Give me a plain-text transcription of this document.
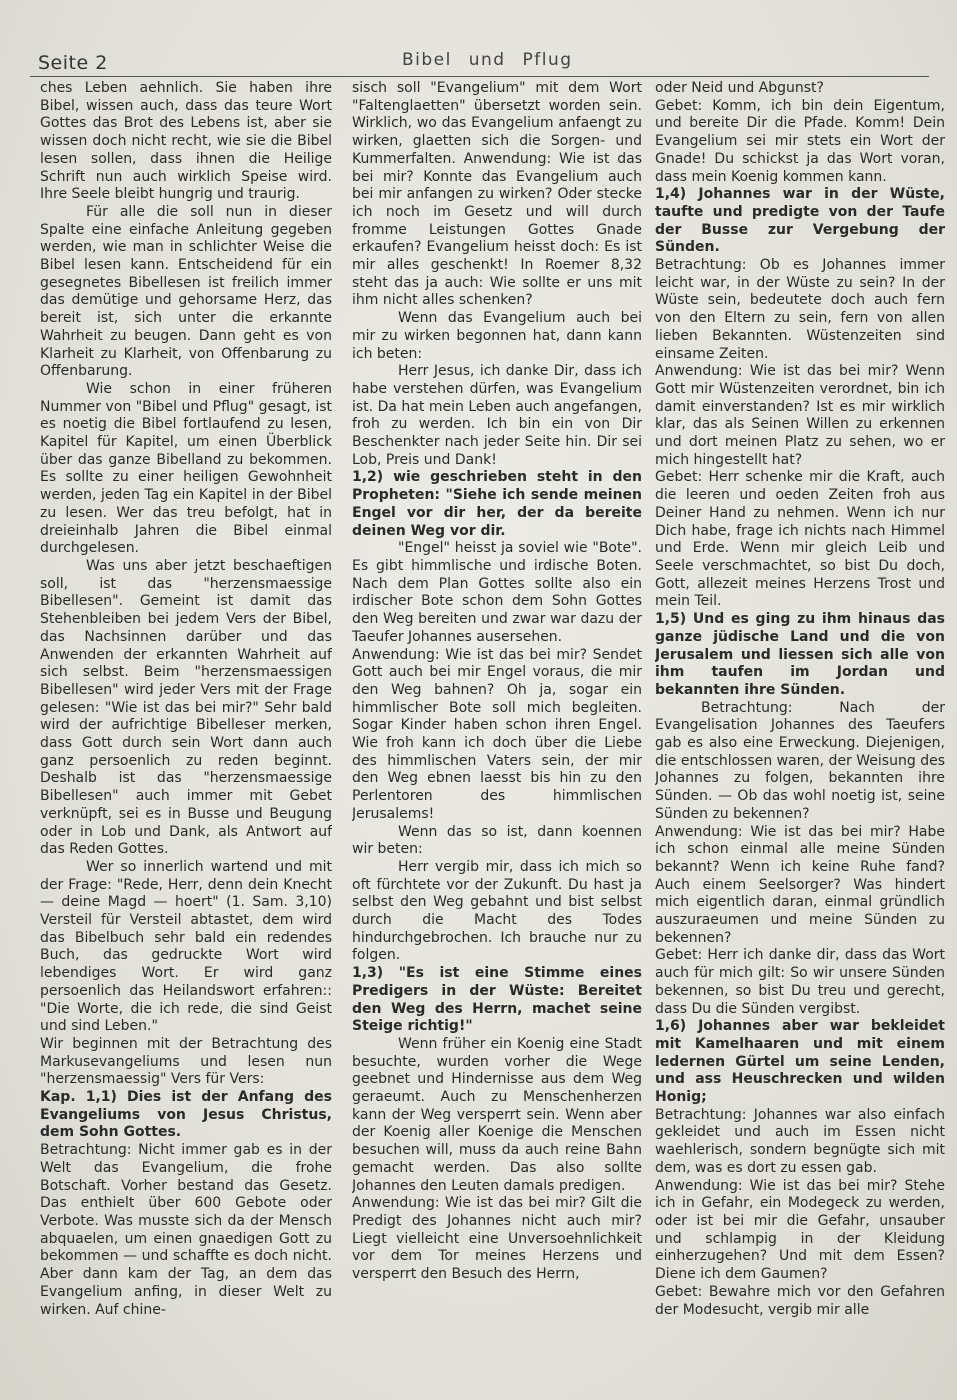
Seite 2	Bibel und Pflug

ches Leben aehnlich. Sie haben ihre Bibel, wissen auch, dass das teure Wort Gottes das Brot des Lebens ist, aber sie wissen doch nicht recht, wie sie die Bibel lesen sollen, dass ihnen die Heilige Schrift nun auch wirklich Speise wird. Ihre Seele bleibt hungrig und traurig.

Für alle die soll nun in dieser Spalte eine einfache Anleitung gegeben werden, wie man in schlichter Weise die Bibel lesen kann. Entscheidend für ein gesegnetes Bibellesen ist freilich immer das demütige und gehorsame Herz, das bereit ist, sich unter die erkannte Wahrheit zu beugen. Dann geht es von Klarheit zu Klarheit, von Offenbarung zu Offenbarung.

Wie schon in einer früheren Nummer von "Bibel und Pflug" gesagt, ist es noetig die Bibel fortlaufend zu lesen, Kapitel für Kapitel, um einen Überblick über das ganze Bibelland zu bekommen. Es sollte zu einer heiligen Gewohnheit werden, jeden Tag ein Kapitel in der Bibel zu lesen. Wer das treu befolgt, hat in dreieinhalb Jahren die Bibel einmal durchgelesen.

Was uns aber jetzt beschaeftigen soll, ist das "herzensmaessige Bibellesen". Gemeint ist damit das Stehenbleiben bei jedem Vers der Bibel, das Nachsinnen darüber und das Anwenden der erkannten Wahrheit auf sich selbst. Beim "herzensmaessigen Bibellesen" wird jeder Vers mit der Frage gelesen: "Wie ist das bei mir?" Sehr bald wird der aufrichtige Bibelleser merken, dass Gott durch sein Wort dann auch ganz persoenlich zu reden beginnt. Deshalb ist das "herzensmaessige Bibellesen" auch immer mit Gebet verknüpft, sei es in Busse und Beugung oder in Lob und Dank, als Antwort auf das Reden Gottes.

Wer so innerlich wartend und mit der Frage: "Rede, Herr, denn dein Knecht — deine Magd — hoert" (1. Sam. 3,10) Versteil für Versteil abtastet, dem wird das Bibelbuch sehr bald ein redendes Buch, das gedruckte Wort wird lebendiges Wort. Er wird ganz persoenlich das Heilandswort erfahren:: "Die Worte, die ich rede, die sind Geist und sind Leben."

Wir beginnen mit der Betrachtung des Markusevangeliums und lesen nun "herzensmaessig" Vers für Vers:

Kap. 1,1) Dies ist der Anfang des Evangeliums von Jesus Christus, dem Sohn Gottes.

Betrachtung: Nicht immer gab es in der Welt das Evangelium, die frohe Botschaft. Vorher bestand das Gesetz. Das enthielt über 600 Gebote oder Verbote. Was musste sich da der Mensch abquaelen, um einen gnaedigen Gott zu bekommen — und schaffte es doch nicht. Aber dann kam der Tag, an dem das Evangelium anfing, in dieser Welt zu wirken. Auf chine-

sisch soll "Evangelium" mit dem Wort "Faltenglaetten" übersetzt worden sein. Wirklich, wo das Evangelium anfaengt zu wirken, glaetten sich die Sorgen- und Kummerfalten. Anwendung: Wie ist das bei mir? Konnte das Evangelium auch bei mir anfangen zu wirken? Oder stecke ich noch im Gesetz und will durch fromme Leistungen Gottes Gnade erkaufen? Evangelium heisst doch: Es ist mir alles geschenkt! In Roemer 8,32 steht das ja auch: Wie sollte er uns mit ihm nicht alles schenken?

Wenn das Evangelium auch bei mir zu wirken begonnen hat, dann kann ich beten:

Herr Jesus, ich danke Dir, dass ich habe verstehen dürfen, was Evangelium ist. Da hat mein Leben auch angefangen, froh zu werden. Ich bin ein von Dir Beschenkter nach jeder Seite hin. Dir sei Lob, Preis und Dank!

1,2) wie geschrieben steht in den Propheten: "Siehe ich sende meinen Engel vor dir her, der da bereite deinen Weg vor dir.

"Engel" heisst ja soviel wie "Bote". Es gibt himmlische und irdische Boten. Nach dem Plan Gottes sollte also ein irdischer Bote schon dem Sohn Gottes den Weg bereiten und zwar war dazu der Taeufer Johannes ausersehen.

Anwendung: Wie ist das bei mir? Sendet Gott auch bei mir Engel voraus, die mir den Weg bahnen? Oh ja, sogar ein himmlischer Bote soll mich begleiten. Sogar Kinder haben schon ihren Engel. Wie froh kann ich doch über die Liebe des himmlischen Vaters sein, der mir den Weg ebnen laesst bis hin zu den Perlentoren des himmlischen Jerusalems!

Wenn das so ist, dann koennen wir beten:

Herr vergib mir, dass ich mich so oft fürchtete vor der Zukunft. Du hast ja selbst den Weg gebahnt und bist selbst durch die Macht des Todes hindurchgebrochen. Ich brauche nur zu folgen.

1,3) "Es ist eine Stimme eines Predigers in der Wüste: Bereitet den Weg des Herrn, machet seine Steige richtig!"

Wenn früher ein Koenig eine Stadt besuchte, wurden vorher die Wege geebnet und Hindernisse aus dem Weg geraeumt. Auch zu Menschenherzen kann der Weg versperrt sein. Wenn aber der Koenig aller Koenige die Menschen besuchen will, muss da auch reine Bahn gemacht werden. Das also sollte Johannes den Leuten damals predigen.

Anwendung: Wie ist das bei mir? Gilt die Predigt des Johannes nicht auch mir? Liegt vielleicht eine Unversoehnlichkeit vor dem Tor meines Herzens und versperrt den Besuch des Herrn,

oder Neid und Abgunst?

Gebet: Komm, ich bin dein Eigentum, und bereite Dir die Pfade. Komm! Dein Evangelium sei mir stets ein Wort der Gnade! Du schickst ja das Wort voran, dass mein Koenig kommen kann.

1,4) Johannes war in der Wüste, taufte und predigte von der Taufe der Busse zur Vergebung der Sünden.

Betrachtung: Ob es Johannes immer leicht war, in der Wüste zu sein? In der Wüste sein, bedeutete doch auch fern von den Eltern zu sein, fern von allen lieben Bekannten. Wüstenzeiten sind einsame Zeiten.

Anwendung: Wie ist das bei mir? Wenn Gott mir Wüstenzeiten verordnet, bin ich damit einverstanden? Ist es mir wirklich klar, das als Seinen Willen zu erkennen und dort meinen Platz zu sehen, wo er mich hingestellt hat?

Gebet: Herr schenke mir die Kraft, auch die leeren und oeden Zeiten froh aus Deiner Hand zu nehmen. Wenn ich nur Dich habe, frage ich nichts nach Himmel und Erde. Wenn mir gleich Leib und Seele verschmachtet, so bist Du doch, Gott, allezeit meines Herzens Trost und mein Teil.

1,5) Und es ging zu ihm hinaus das ganze jüdische Land und die von Jerusalem und liessen sich alle von ihm taufen im Jordan und bekannten ihre Sünden.

Betrachtung: Nach der Evangelisation Johannes des Taeufers gab es also eine Erweckung. Diejenigen, die entschlossen waren, der Weisung des Johannes zu folgen, bekannten ihre Sünden. — Ob das wohl noetig ist, seine Sünden zu bekennen?

Anwendung: Wie ist das bei mir? Habe ich schon einmal alle meine Sünden bekannt? Wenn ich keine Ruhe fand? Auch einem Seelsorger? Was hindert mich eigentlich daran, einmal gründlich auszuraeumen und meine Sünden zu bekennen?

Gebet: Herr ich danke dir, dass das Wort auch für mich gilt: So wir unsere Sünden bekennen, so bist Du treu und gerecht, dass Du die Sünden vergibst.

1,6) Johannes aber war bekleidet mit Kamelhaaren und mit einem ledernen Gürtel um seine Lenden, und ass Heuschrecken und wilden Honig;

Betrachtung: Johannes war also einfach gekleidet und auch im Essen nicht waehlerisch, sondern begnügte sich mit dem, was es dort zu essen gab.

Anwendung: Wie ist das bei mir? Stehe ich in Gefahr, ein Modegeck zu werden, oder ist bei mir die Gefahr, unsauber und schlampig in der Kleidung einherzugehen? Und mit dem Essen? Diene ich dem Gaumen?

Gebet: Bewahre mich vor den Gefahren der Modesucht, vergib mir alle
